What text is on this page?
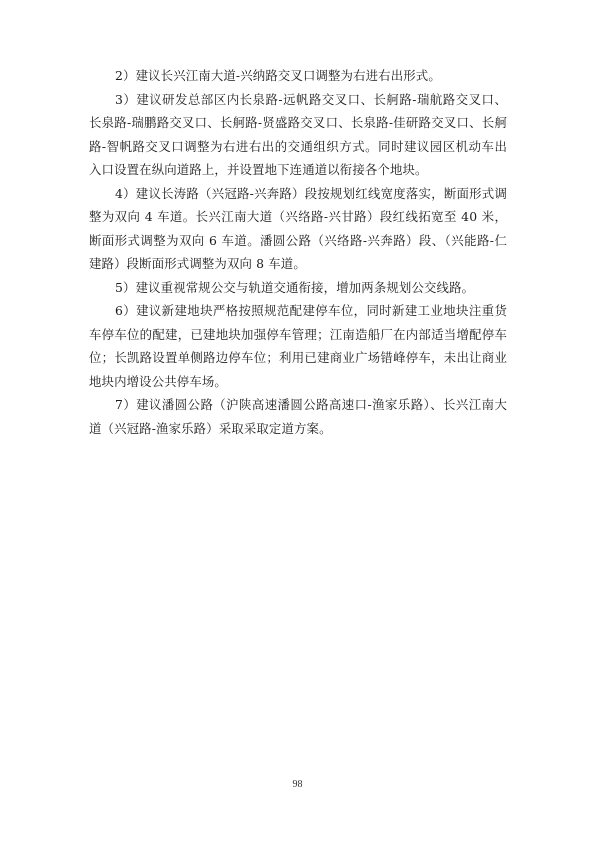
2）建议长兴江南大道-兴纳路交叉口调整为右进右出形式。

3）建议研发总部区内长泉路-远帆路交叉口、长舸路-瑞航路交叉口、长泉路-瑞鹏路交叉口、长舸路-贤盛路交叉口、长泉路-佳研路交叉口、长舸路-智帆路交叉口调整为右进右出的交通组织方式。同时建议园区机动车出入口设置在纵向道路上，并设置地下连通道以衔接各个地块。

4）建议长涛路（兴冠路-兴奔路）段按规划红线宽度落实，断面形式调整为双向 4 车道。长兴江南大道（兴络路-兴甘路）段红线拓宽至 40 米，断面形式调整为双向 6 车道。潘圆公路（兴络路-兴奔路）段、（兴能路-仁建路）段断面形式调整为双向 8 车道。

5）建议重视常规公交与轨道交通衔接，增加两条规划公交线路。

6）建议新建地块严格按照规范配建停车位，同时新建工业地块注重货车停车位的配建，已建地块加强停车管理；江南造船厂在内部适当增配停车位；长凯路设置单侧路边停车位；利用已建商业广场错峰停车，未出让商业地块内增设公共停车场。

7）建议潘圆公路（沪陕高速潘圆公路高速口-渔家乐路）、长兴江南大道（兴冠路-渔家乐路）采取采取定道方案。

98
